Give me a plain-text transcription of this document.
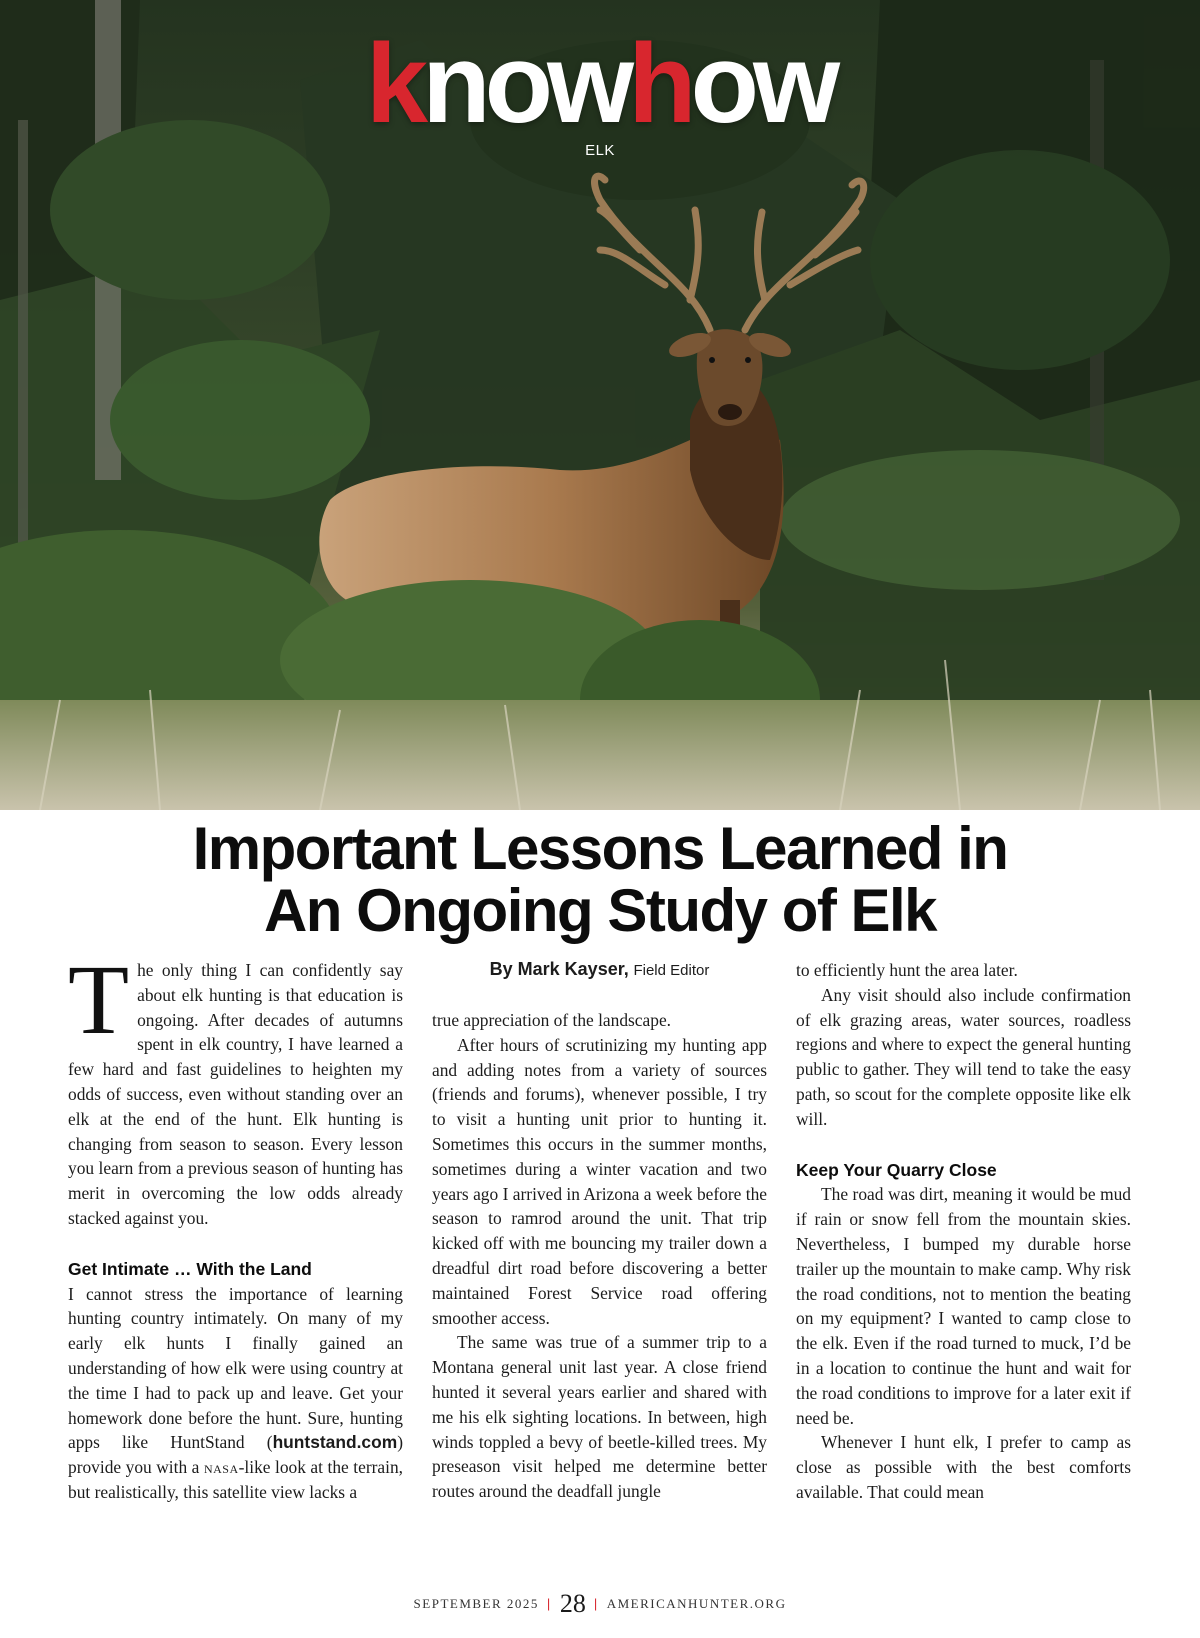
knowhow
ELK
Important Lessons Learned in
An Ongoing Study of Elk

The only thing I can confidently say about elk hunting is that education is ongoing. After decades of autumns spent in elk country, I have learned a few hard and fast guidelines to heighten my odds of success, even without standing over an elk at the end of the hunt. Elk hunting is changing from season to season. Every lesson you learn from a previous season of hunting has merit in overcoming the low odds already stacked against you.

Get Intimate … With the Land

I cannot stress the importance of learning hunting country intimately. On many of my early elk hunts I finally gained an understanding of how elk were using country at the time I had to pack up and leave. Get your homework done before the hunt. Sure, hunting apps like HuntStand (huntstand.com) provide you with a nasa-like look at the terrain, but realistically, this satellite view lacks a

By Mark Kayser, Field Editor

true appreciation of the landscape.

After hours of scrutinizing my hunting app and adding notes from a variety of sources (friends and forums), whenever possible, I try to visit a hunting unit prior to hunting it. Sometimes this occurs in the summer months, sometimes during a winter vacation and two years ago I arrived in Arizona a week before the season to ramrod around the unit. That trip kicked off with me bouncing my trailer down a dreadful dirt road before discovering a better maintained Forest Service road offering smoother access.

The same was true of a summer trip to a Montana general unit last year. A close friend hunted it several years earlier and shared with me his elk sighting locations. In between, high winds toppled a bevy of beetle-killed trees. My preseason visit helped me determine better routes around the deadfall jungle

to efficiently hunt the area later.

Any visit should also include confirmation of elk grazing areas, water sources, roadless regions and where to expect the general hunting public to gather. They will tend to take the easy path, so scout for the complete opposite like elk will.

Keep Your Quarry Close

The road was dirt, meaning it would be mud if rain or snow fell from the mountain skies. Nevertheless, I bumped my durable horse trailer up the mountain to make camp. Why risk the road conditions, not to mention the beating on my equipment? I wanted to camp close to the elk. Even if the road turned to muck, I’d be in a location to continue the hunt and wait for the road conditions to improve for a later exit if need be.

Whenever I hunt elk, I prefer to camp as close as possible with the best comforts available. That could mean

SEPTEMBER 2025 | 28 | AMERICANHUNTER.ORG
